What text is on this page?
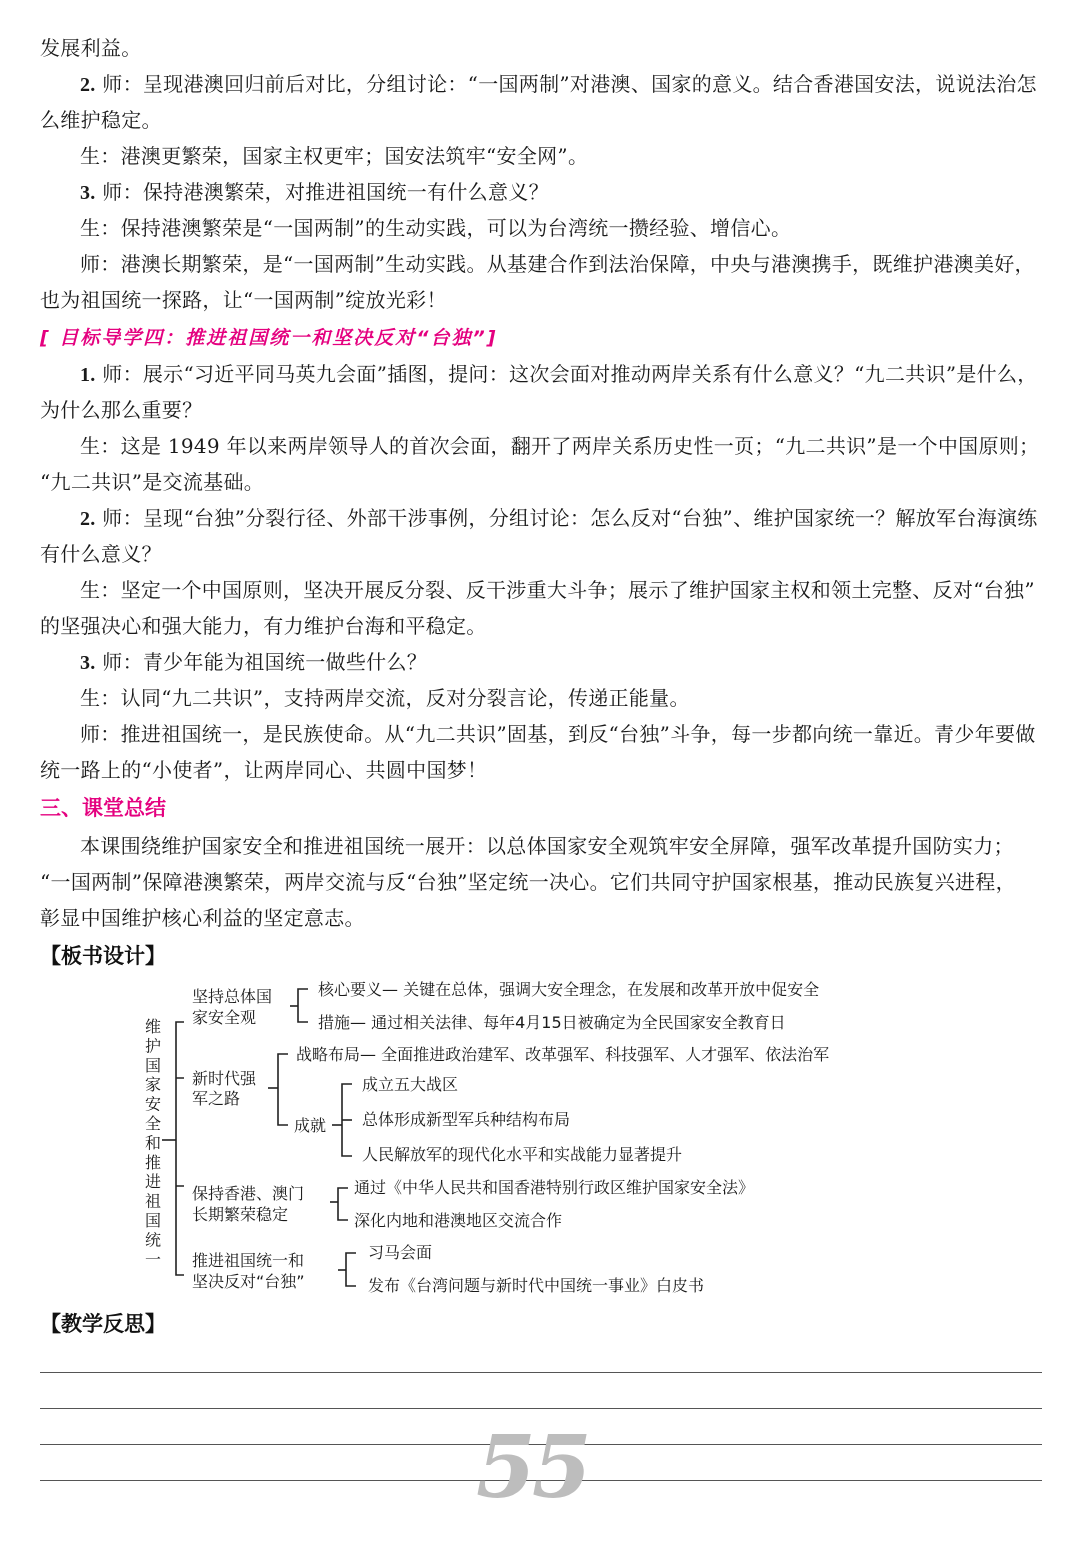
发展利益。
2. 师：呈现港澳回归前后对比，分组讨论：“一国两制”对港澳、国家的意义。结合香港国安法，说说法治怎
么维护稳定。
生：港澳更繁荣，国家主权更牢；国安法筑牢“安全网”。
3. 师：保持港澳繁荣，对推进祖国统一有什么意义？
生：保持港澳繁荣是“一国两制”的生动实践，可以为台湾统一攒经验、增信心。
师：港澳长期繁荣，是“一国两制”生动实践。从基建合作到法治保障，中央与港澳携手，既维护港澳美好，
也为祖国统一探路，让“一国两制”绽放光彩！
[ 目标导学四：推进祖国统一和坚决反对“台独”]
1. 师：展示“习近平同马英九会面”插图，提问：这次会面对推动两岸关系有什么意义？“九二共识”是什么，
为什么那么重要？
生：这是 1949 年以来两岸领导人的首次会面，翻开了两岸关系历史性一页；“九二共识”是一个中国原则；
“九二共识”是交流基础。
2. 师：呈现“台独”分裂行径、外部干涉事例，分组讨论：怎么反对“台独”、维护国家统一？解放军台海演练
有什么意义？
生：坚定一个中国原则，坚决开展反分裂、反干涉重大斗争；展示了维护国家主权和领土完整、反对“台独”
的坚强决心和强大能力，有力维护台海和平稳定。
3. 师：青少年能为祖国统一做些什么？
生：认同“九二共识”，支持两岸交流，反对分裂言论，传递正能量。
师：推进祖国统一，是民族使命。从“九二共识”固基，到反“台独”斗争，每一步都向统一靠近。青少年要做
统一路上的“小使者”，让两岸同心、共圆中国梦！
三、课堂总结
本课围绕维护国家安全和推进祖国统一展开：以总体国家安全观筑牢安全屏障，强军改革提升国防实力；
“一国两制”保障港澳繁荣，两岸交流与反“台独”坚定统一决心。它们共同守护国家根基，推动民族复兴进程，
彰显中国维护核心利益的坚定意志。
【板书设计】
维
护
国
家
安
全
和
推
进
祖
国
统
一
坚持总体国
家安全观
核心要义— 关键在总体，强调大安全理念，在发展和改革开放中促安全
措施— 通过相关法律、每年4月15日被确定为全民国家安全教育日
新时代强
军之路
战略布局— 全面推进政治建军、改革强军、科技强军、人才强军、依法治军
成就
成立五大战区
总体形成新型军兵种结构布局
人民解放军的现代化水平和实战能力显著提升
保持香港、澳门
长期繁荣稳定
通过《中华人民共和国香港特别行政区维护国家安全法》
深化内地和港澳地区交流合作
推进祖国统一和
坚决反对“台独”
习马会面
发布《台湾问题与新时代中国统一事业》白皮书
【教学反思】
55
